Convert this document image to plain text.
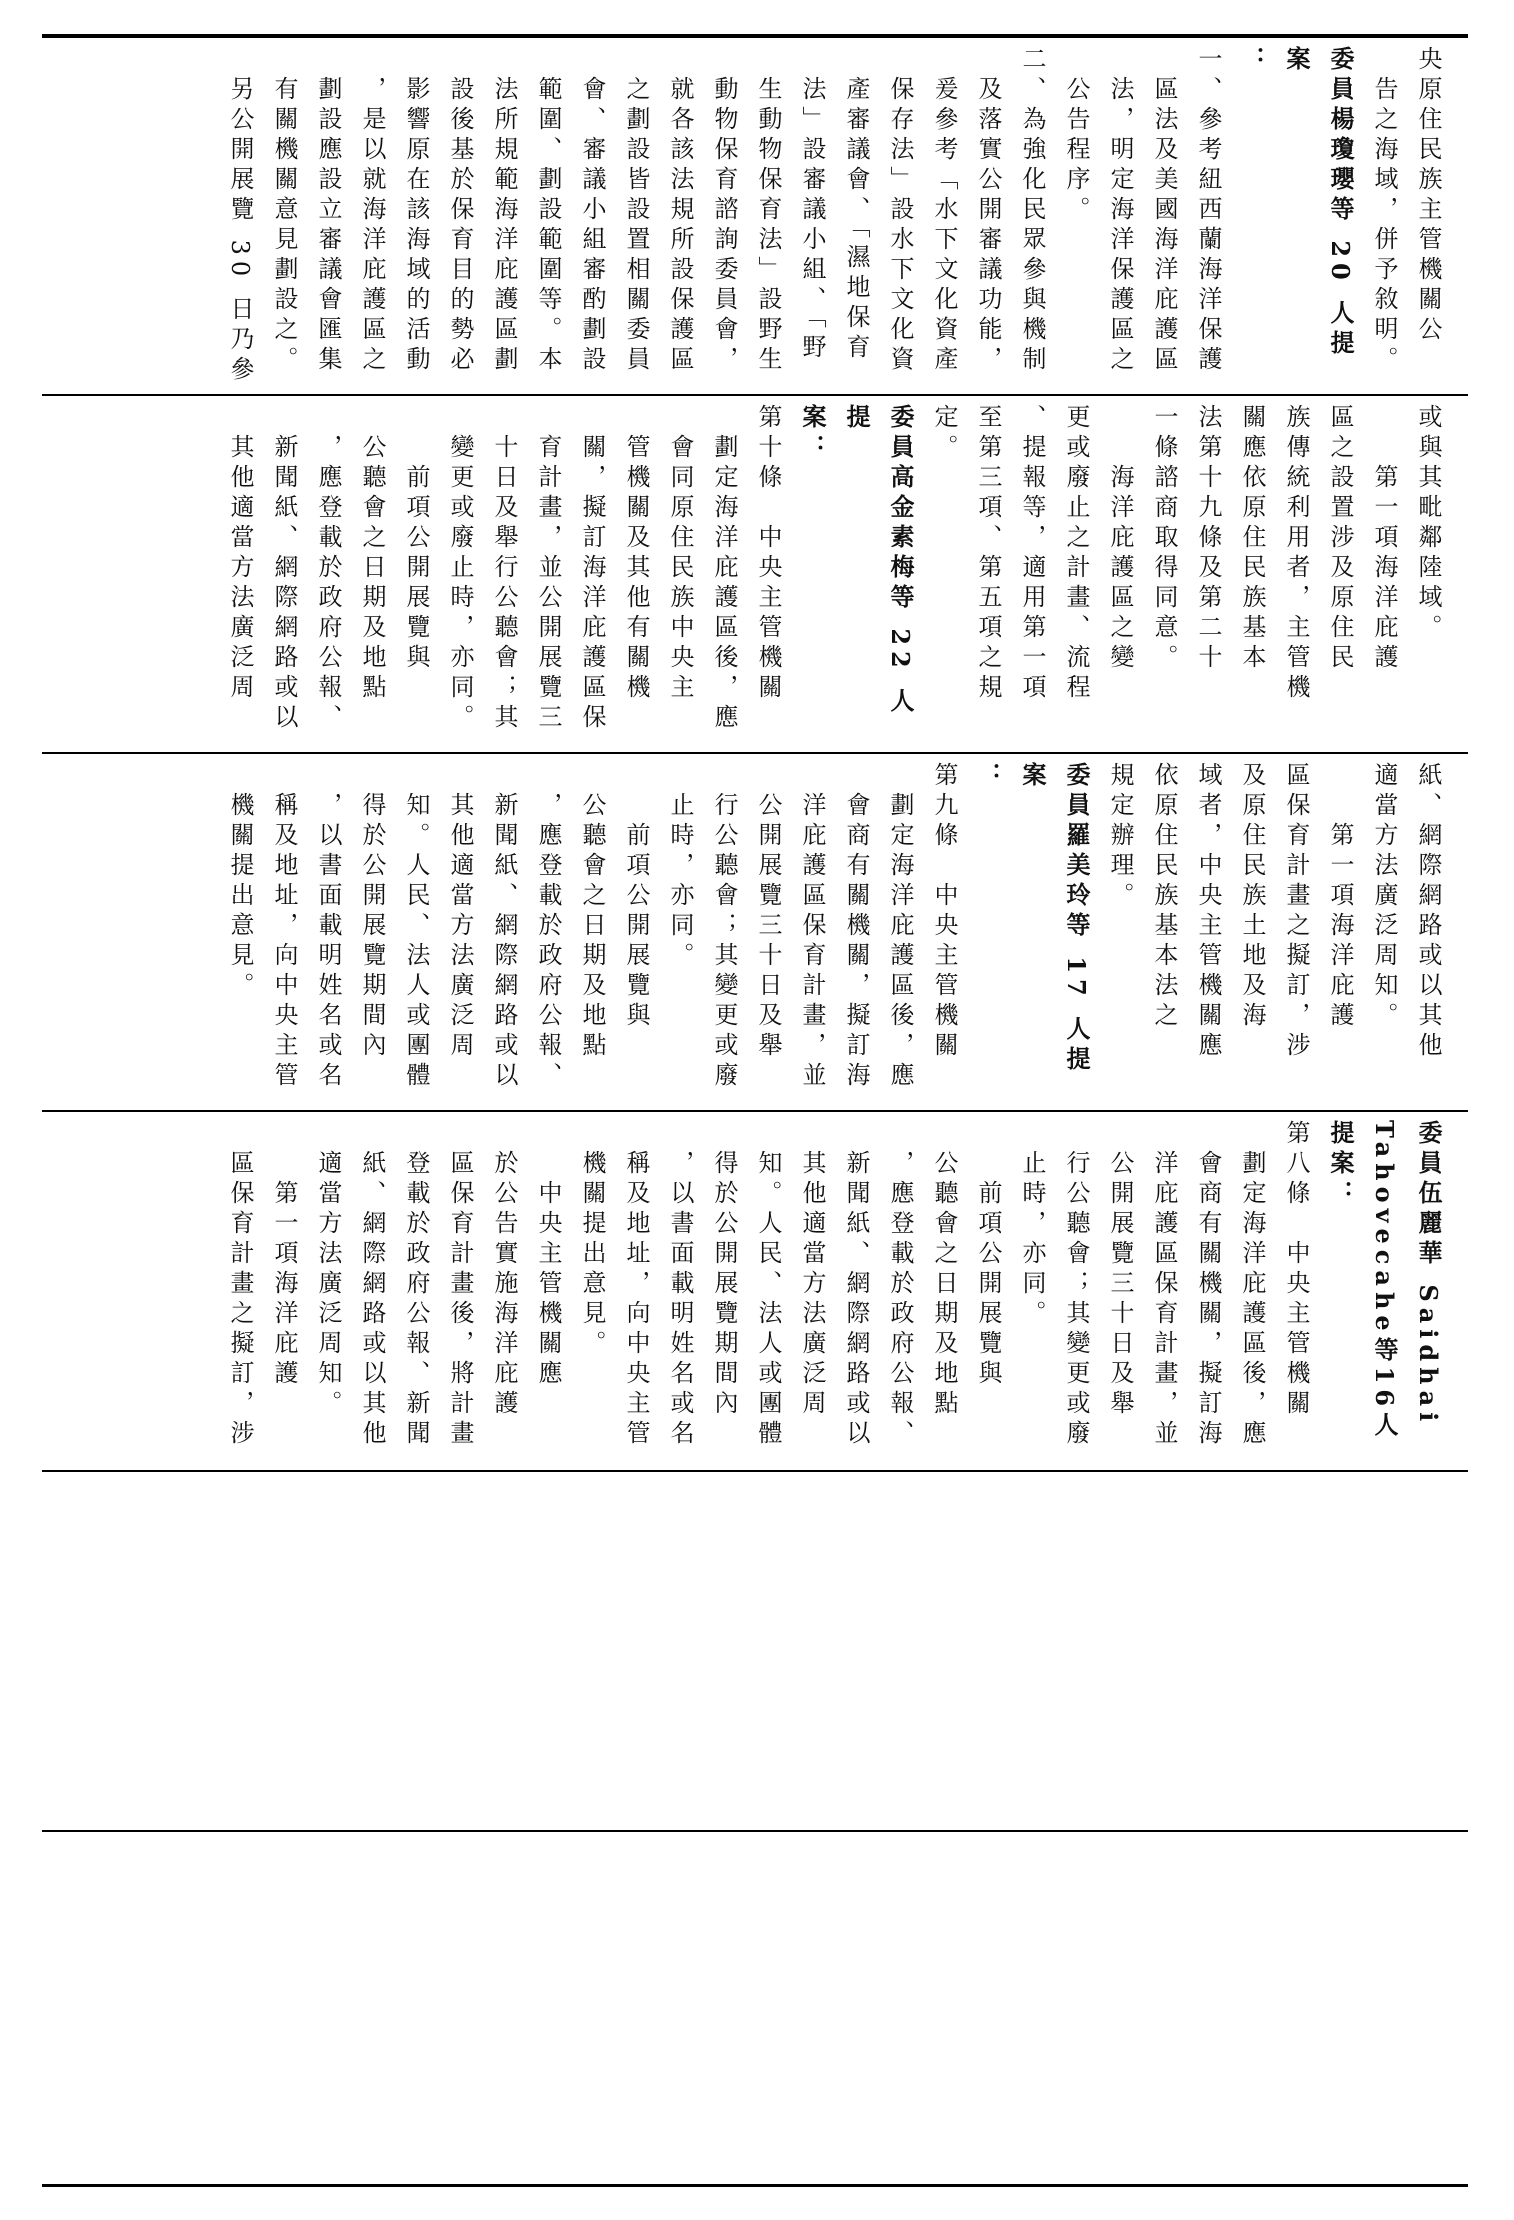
央原住民族主管機關公

　告之海域，併予敘明。

委員楊瓊瓔等 20 人提案

：

一、參考紐西蘭海洋保護

　區法及美國海洋庇護區

　法，明定海洋保護區之

　公告程序。

二、為強化民眾參與機制

　及落實公開審議功能，

　爰參考「水下文化資產

　保存法」設水下文化資

　產審議會、「濕地保育

　法」設審議小組、「野

　生動物保育法」設野生

　動物保育諮詢委員會，

　就各該法規所設保護區

　之劃設皆設置相關委員

　會、審議小組審酌劃設

　範圍、劃設範圍等。本

　法所規範海洋庇護區劃

　設後基於保育目的勢必

　影響原在該海域的活動

　，是以就海洋庇護區之

　劃設應設立審議會匯集

　有關機關意見劃設之。

　另公開展覽 30 日乃參

或與其毗鄰陸域。

　　第一項海洋庇護

區之設置涉及原住民

族傳統利用者，主管機

關應依原住民族基本

法第十九條及第二十

一條諮商取得同意。

　　海洋庇護區之變

更或廢止之計畫、流程

、提報等，適用第一項

至第三項、第五項之規

定。

委員高金素梅等 22 人提

案：

第十條　中央主管機關

　劃定海洋庇護區後，應

　會同原住民族中央主

　管機關及其他有關機

　關，擬訂海洋庇護區保

　育計畫，並公開展覽三

　十日及舉行公聽會；其

　變更或廢止時，亦同。

　　前項公開展覽與

　公聽會之日期及地點

　，應登載於政府公報、

　新聞紙、網際網路或以

　其他適當方法廣泛周

紙、網際網路或以其他

適當方法廣泛周知。

　　第一項海洋庇護

區保育計畫之擬訂，涉

及原住民族土地及海

域者，中央主管機關應

依原住民族基本法之

規定辦理。

委員羅美玲等 17 人提案

：

第九條　中央主管機關

　劃定海洋庇護區後，應

　會商有關機關，擬訂海

　洋庇護區保育計畫，並

　公開展覽三十日及舉

　行公聽會；其變更或廢

　止時，亦同。

　　前項公開展覽與

　公聽會之日期及地點

　，應登載於政府公報、

　新聞紙、網際網路或以

　其他適當方法廣泛周

　知。人民、法人或團體

　得於公開展覽期間內

　，以書面載明姓名或名

　稱及地址，向中央主管

　機關提出意見。

委員伍麗華 Saidhai

Tahovecahe等16人提案：

第八條　中央主管機關

　劃定海洋庇護區後，應

　會商有關機關，擬訂海

　洋庇護區保育計畫，並

　公開展覽三十日及舉

　行公聽會；其變更或廢

　止時，亦同。

　　前項公開展覽與

　公聽會之日期及地點

　，應登載於政府公報、

　新聞紙、網際網路或以

　其他適當方法廣泛周

　知。人民、法人或團體

　得於公開展覽期間內

　，以書面載明姓名或名

　稱及地址，向中央主管

　機關提出意見。

　　中央主管機關應

　於公告實施海洋庇護

　區保育計畫後，將計畫

　登載於政府公報、新聞

　紙、網際網路或以其他

　適當方法廣泛周知。

　　第一項海洋庇護

　區保育計畫之擬訂，涉
